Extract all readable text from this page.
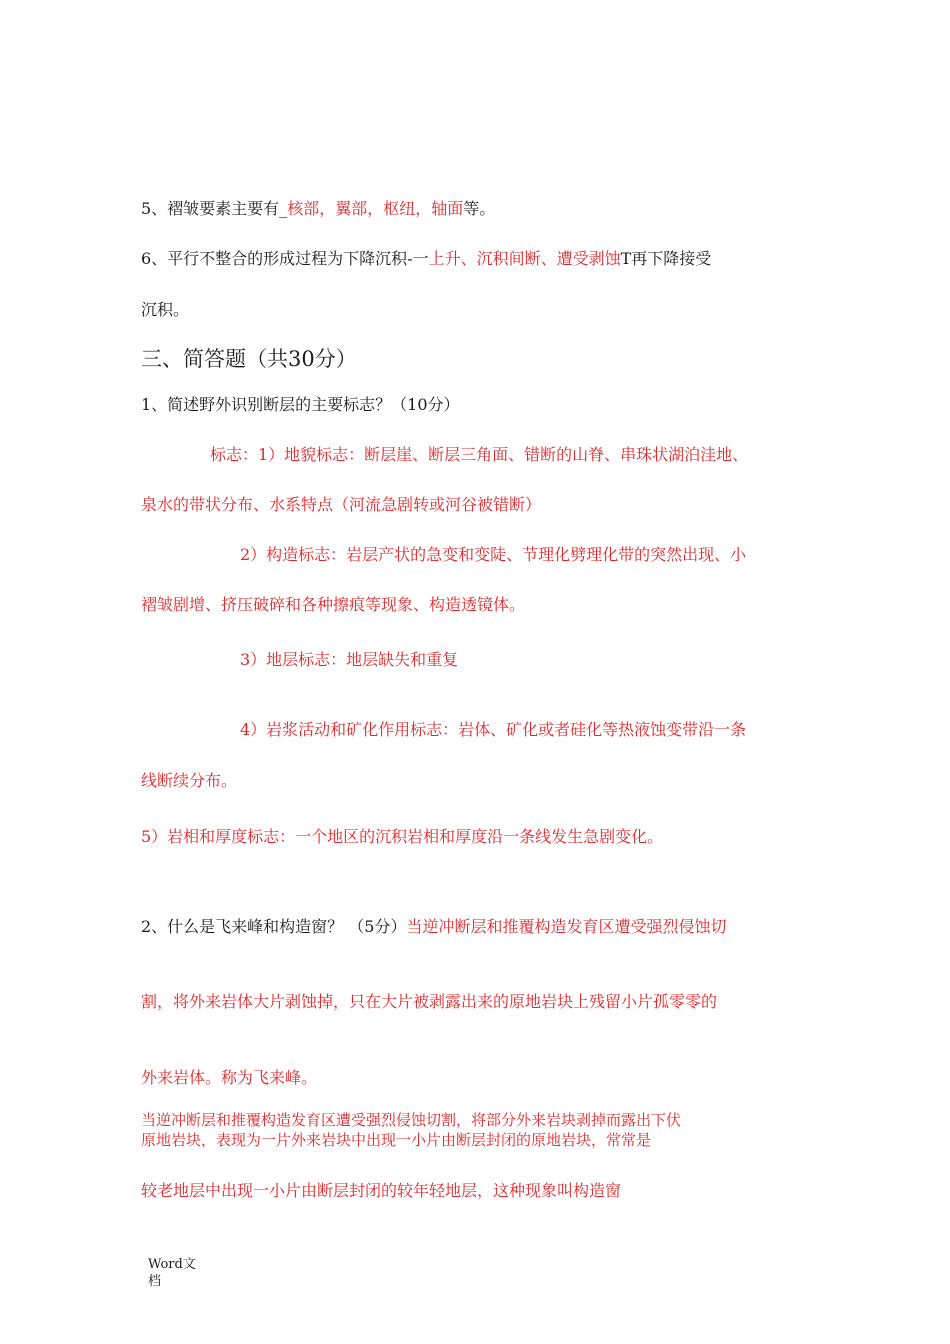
5、褶皱要素主要有_核部，翼部，枢纽，轴面等。
6、平行不整合的形成过程为下降沉积-一上升、沉积间断、遭受剥蚀T再下降接受
沉积。
三、简答题（共30分）
1、简述野外识别断层的主要标志？（10分）
标志：1）地貌标志：断层崖、断层三角面、错断的山脊、串珠状湖泊洼地、
泉水的带状分布、水系特点（河流急剧转或河谷被错断）
2）构造标志：岩层产状的急变和变陡、节理化劈理化带的突然出现、小
褶皱剧增、挤压破碎和各种擦痕等现象、构造透镜体。
3）地层标志：地层缺失和重复
4）岩浆活动和矿化作用标志：岩体、矿化或者硅化等热液蚀变带沿一条
线断续分布。
5）岩相和厚度标志：一个地区的沉积岩相和厚度沿一条线发生急剧变化。
2、什么是飞来峰和构造窗？ （5分）当逆冲断层和推覆构造发育区遭受强烈侵蚀切
割，将外来岩体大片剥蚀掉，只在大片被剥露出来的原地岩块上残留小片孤零零的
外来岩体。称为飞来峰。
当逆冲断层和推覆构造发育区遭受强烈侵蚀切割，将部分外来岩块剥掉而露出下伏
原地岩块，表现为一片外来岩块中出现一小片由断层封闭的原地岩块，常常是
较老地层中出现一小片由断层封闭的较年轻地层，这种现象叫构造窗
Word文
档
